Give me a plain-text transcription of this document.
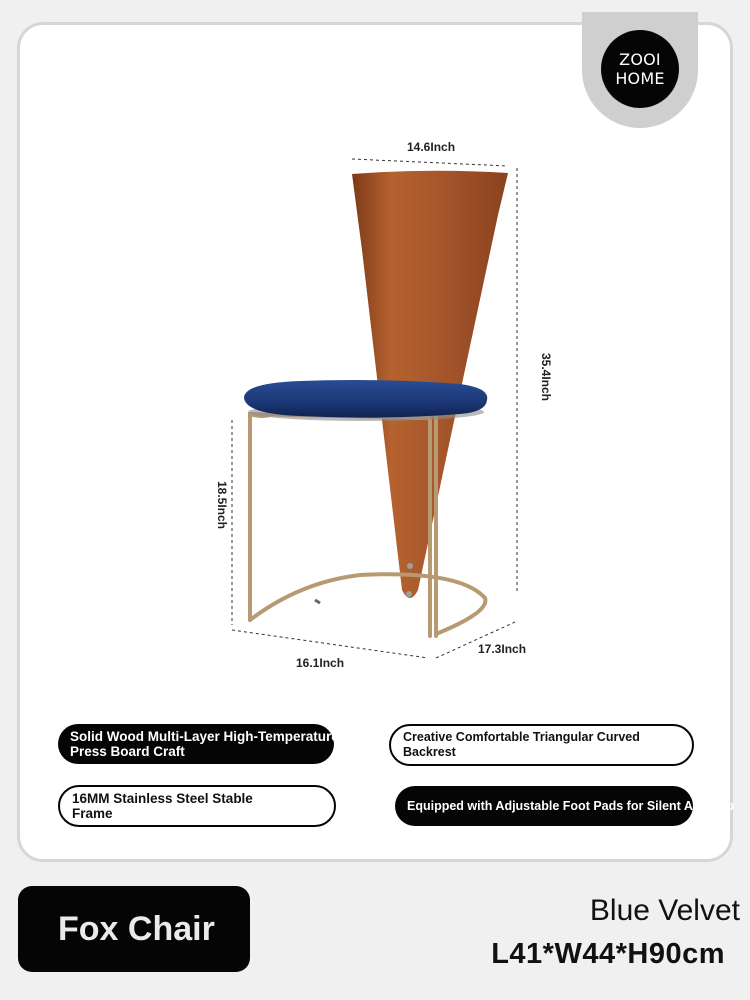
ZOOI
HOME
14.6Inch
35.4Inch
18.5Inch
16.1Inch
17.3Inch
Solid Wood Multi-Layer High-Temperature
Press Board Craft
Creative Comfortable Triangular Curved
Backrest
16MM Stainless Steel Stable
Frame
Equipped with Adjustable Foot Pads for Silent Anti-slip
Fox Chair	Blue Velvet
L41*W44*H90cm
